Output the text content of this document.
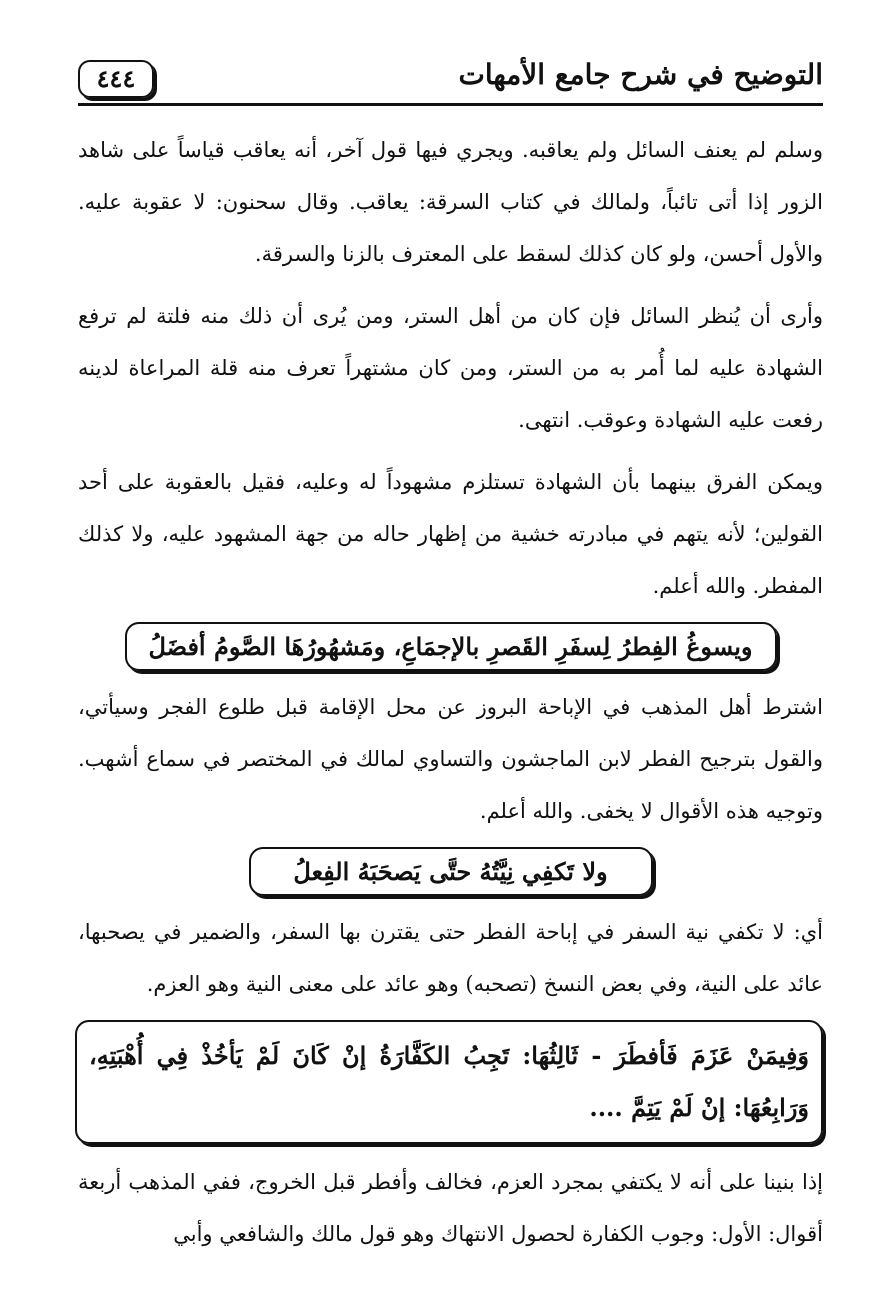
التوضيح في شرح جامع الأمهات
٤٤٤

وسلم لم يعنف السائل ولم يعاقبه. ويجري فيها قول آخر، أنه يعاقب قياساً على شاهد الزور إذا أتى تائباً، ولمالك في كتاب السرقة: يعاقب. وقال سحنون: لا عقوبة عليه. والأول أحسن، ولو كان كذلك لسقط على المعترف بالزنا والسرقة.

وأرى أن يُنظر السائل فإن كان من أهل الستر، ومن يُرى أن ذلك منه فلتة لم ترفع الشهادة عليه لما أُمر به من الستر، ومن كان مشتهراً تعرف منه قلة المراعاة لدينه رفعت عليه الشهادة وعوقب. انتهى.

ويمكن الفرق بينهما بأن الشهادة تستلزم مشهوداً له وعليه، فقيل بالعقوبة على أحد القولين؛ لأنه يتهم في مبادرته خشية من إظهار حاله من جهة المشهود عليه، ولا كذلك المفطر. والله أعلم.

ويسوغُ الفِطرُ لِسفَرِ القَصرِ بالإجمَاعِ، ومَشهُورُهَا الصَّومُ أفضَلُ

اشترط أهل المذهب في الإباحة البروز عن محل الإقامة قبل طلوع الفجر وسيأتي، والقول بترجيح الفطر لابن الماجشون والتساوي لمالك في المختصر في سماع أشهب. وتوجيه هذه الأقوال لا يخفى. والله أعلم.

ولا تَكفِي نِيَّتُهُ حتَّى يَصحَبَهُ الفِعلُ

أي: لا تكفي نية السفر في إباحة الفطر حتى يقترن بها السفر، والضمير في يصحبها، عائد على النية، وفي بعض النسخ (تصحبه) وهو عائد على معنى النية وهو العزم.

وَفِيمَنْ عَزَمَ فَأفطَرَ - ثَالِثُهَا: تَجِبُ الكَفَّارَةُ إنْ كَانَ لَمْ يَأخُذْ فِي أُهْبَتِهِ، وَرَابِعُهَا: إنْ لَمْ يَتِمَّ ....

إذا بنينا على أنه لا يكتفي بمجرد العزم، فخالف وأفطر قبل الخروج، ففي المذهب أربعة أقوال: الأول: وجوب الكفارة لحصول الانتهاك وهو قول مالك والشافعي وأبي
